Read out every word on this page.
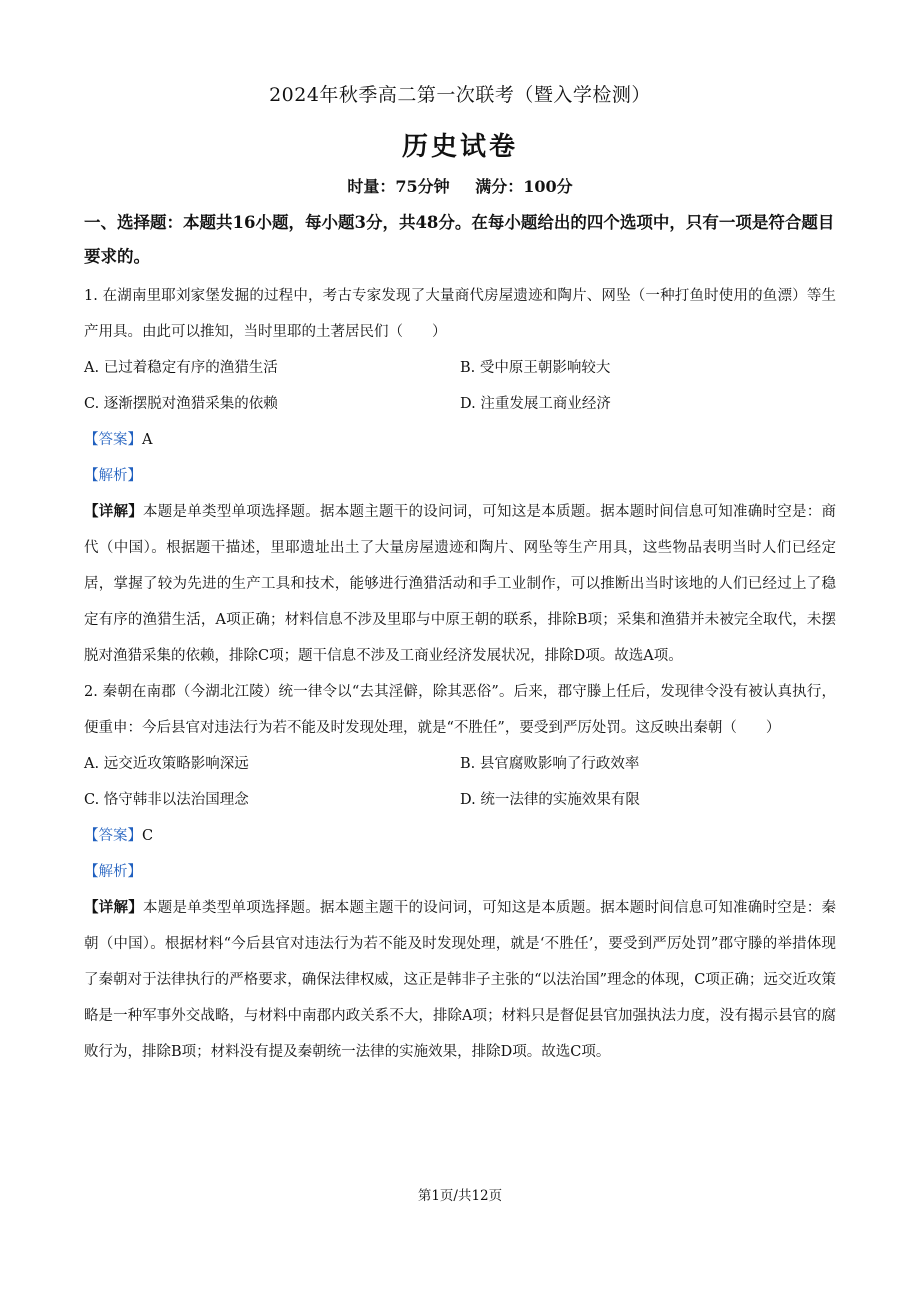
2024年秋季高二第一次联考（暨入学检测）
历史试卷
时量：75分钟 满分：100分

一、选择题：本题共16小题，每小题3分，共48分。在每小题给出的四个选项中，只有一项是符合题目要求的。

1. 在湖南里耶刘家堡发掘的过程中，考古专家发现了大量商代房屋遗迹和陶片、网坠（一种打鱼时使用的鱼漂）等生产用具。由此可以推知，当时里耶的土著居民们（　　）

A. 已过着稳定有序的渔猎生活	B. 受中原王朝影响较大
C. 逐渐摆脱对渔猎采集的依赖	D. 注重发展工商业经济

【答案】A

【解析】

【详解】本题是单类型单项选择题。据本题主题干的设问词，可知这是本质题。据本题时间信息可知准确时空是：商代（中国）。根据题干描述，里耶遗址出土了大量房屋遗迹和陶片、网坠等生产用具，这些物品表明当时人们已经定居，掌握了较为先进的生产工具和技术，能够进行渔猎活动和手工业制作，可以推断出当时该地的人们已经过上了稳定有序的渔猎生活，A项正确；材料信息不涉及里耶与中原王朝的联系，排除B项；采集和渔猎并未被完全取代，未摆脱对渔猎采集的依赖，排除C项；题干信息不涉及工商业经济发展状况，排除D项。故选A项。

2. 秦朝在南郡（今湖北江陵）统一律令以“去其淫僻，除其恶俗”。后来，郡守滕上任后，发现律令没有被认真执行，便重申：今后县官对违法行为若不能及时发现处理，就是“不胜任”，要受到严厉处罚。这反映出秦朝（　　）

A. 远交近攻策略影响深远	B. 县官腐败影响了行政效率
C. 恪守韩非以法治国理念	D. 统一法律的实施效果有限

【答案】C

【解析】

【详解】本题是单类型单项选择题。据本题主题干的设问词，可知这是本质题。据本题时间信息可知准确时空是：秦朝（中国）。根据材料“今后县官对违法行为若不能及时发现处理，就是‘不胜任’，要受到严厉处罚”郡守滕的举措体现了秦朝对于法律执行的严格要求，确保法律权威，这正是韩非子主张的“以法治国”理念的体现，C项正确；远交近攻策略是一种军事外交战略，与材料中南郡内政关系不大，排除A项；材料只是督促县官加强执法力度，没有揭示县官的腐败行为，排除B项；材料没有提及秦朝统一法律的实施效果，排除D项。故选C项。

第1页/共12页
